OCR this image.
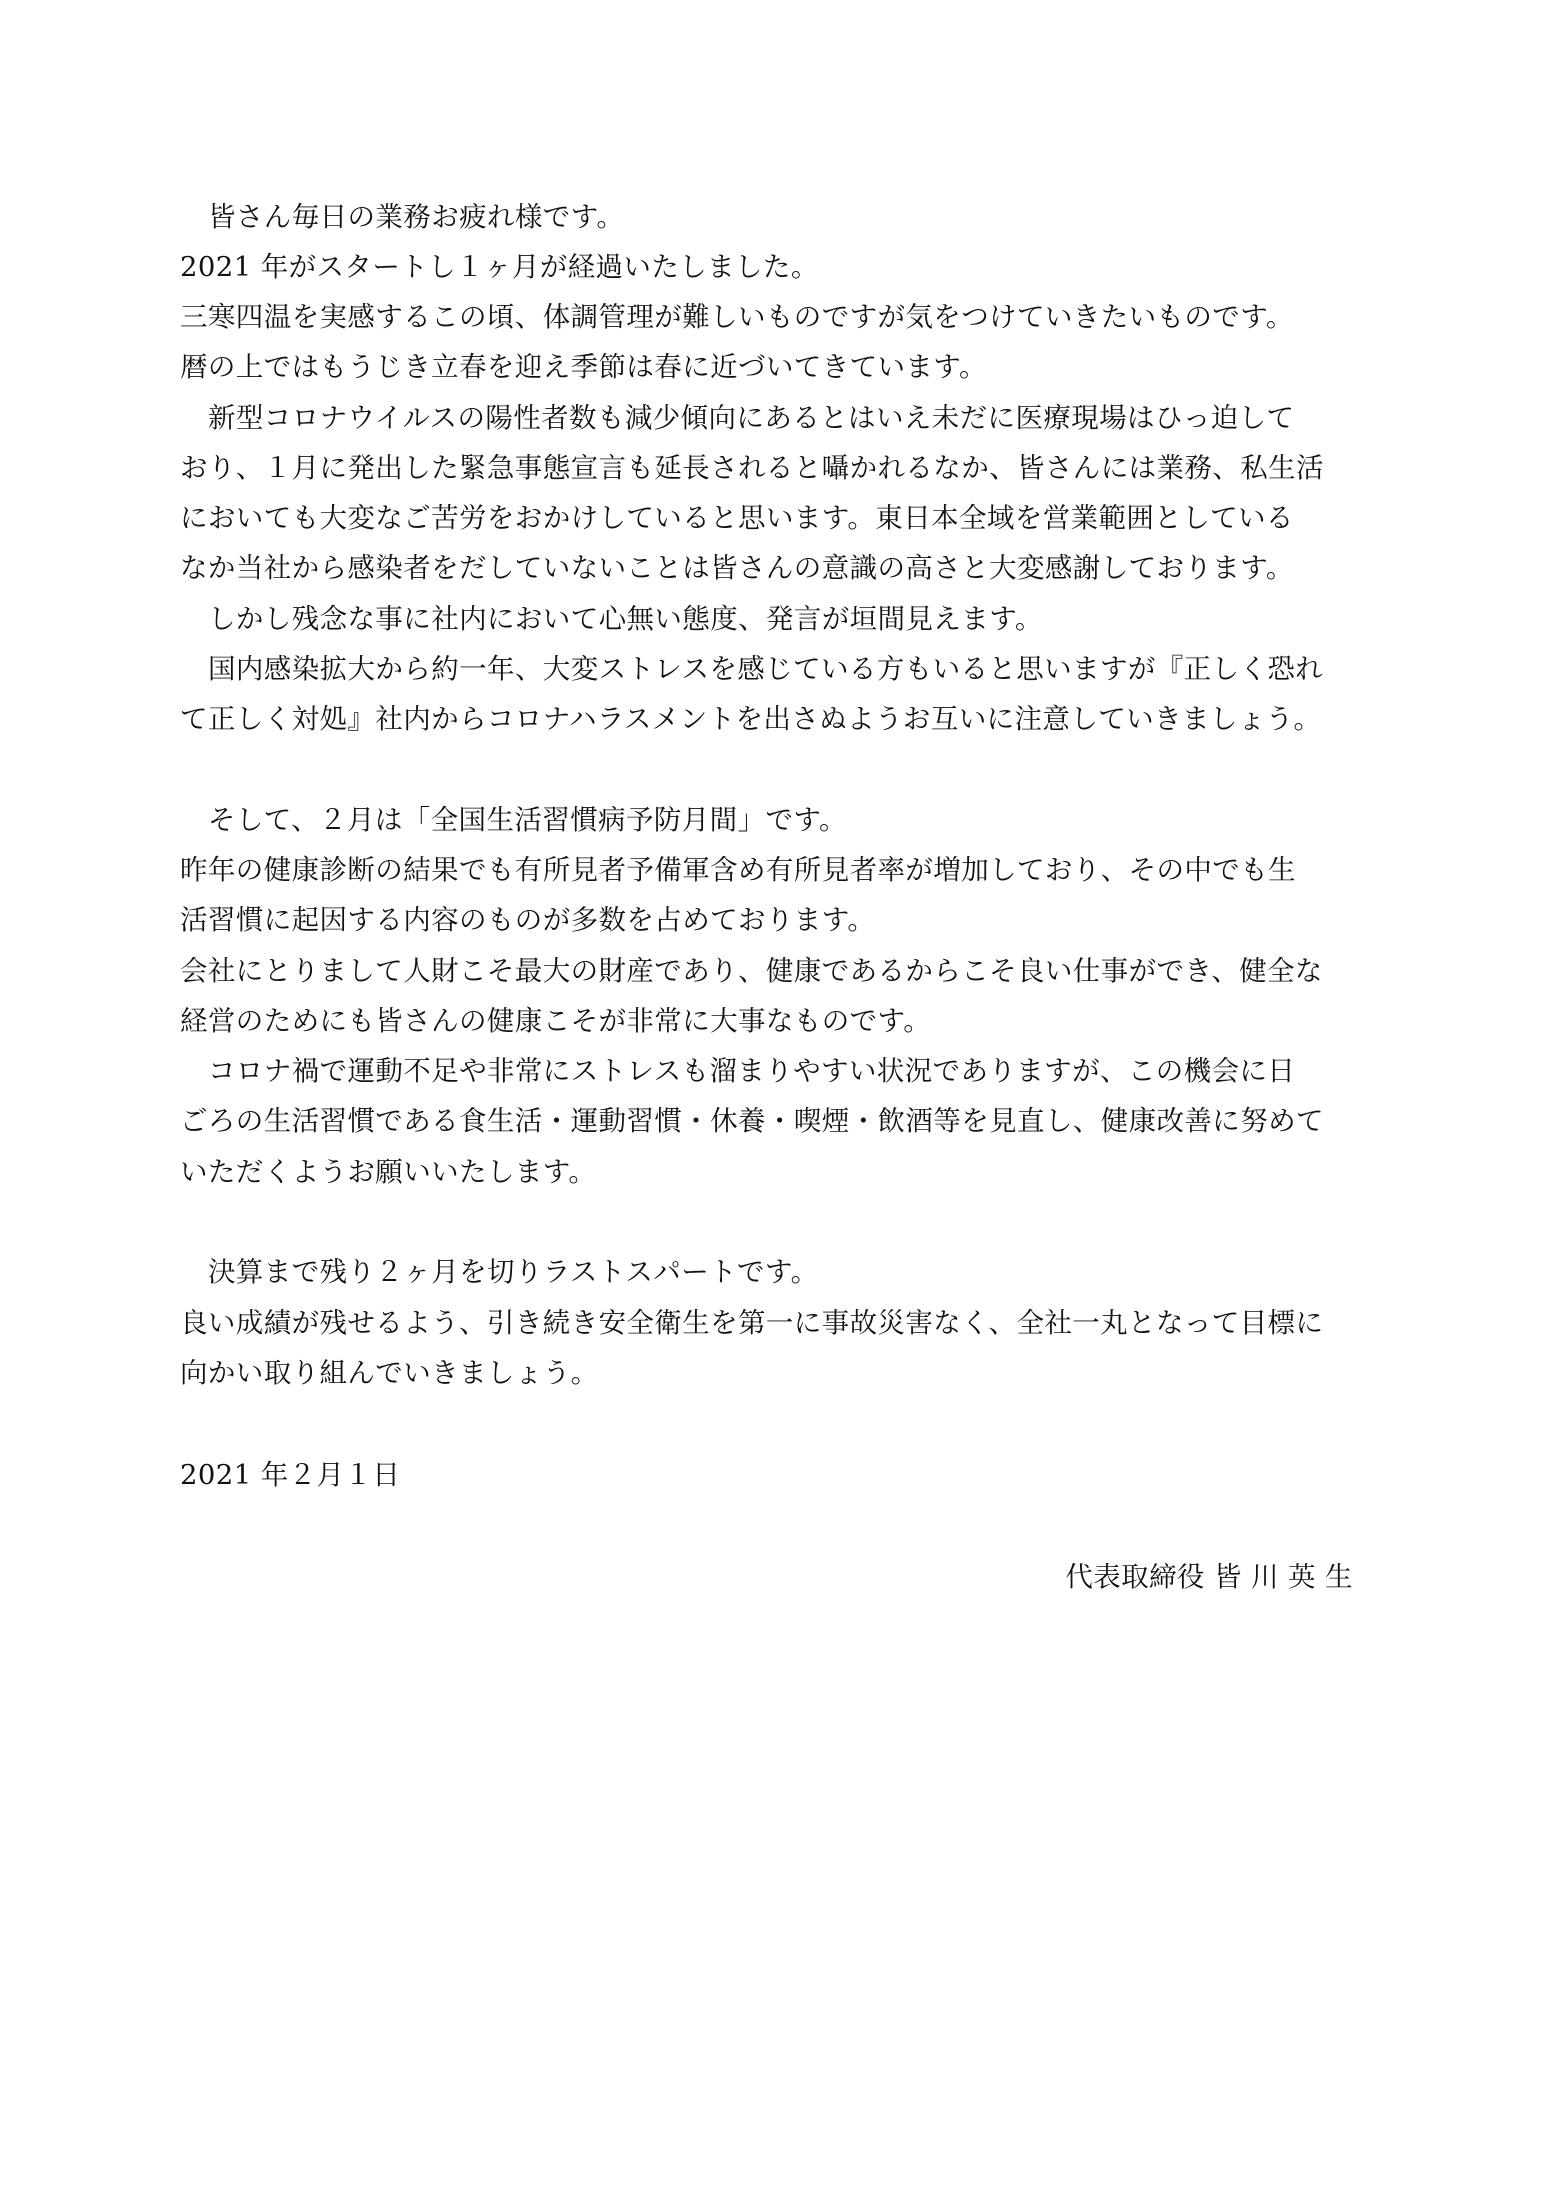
皆さん毎日の業務お疲れ様です。
2021 年がスタートし１ヶ月が経過いたしました。
三寒四温を実感するこの頃、体調管理が難しいものですが気をつけていきたいものです。
暦の上ではもうじき立春を迎え季節は春に近づいてきています。
新型コロナウイルスの陽性者数も減少傾向にあるとはいえ未だに医療現場はひっ迫して
おり、１月に発出した緊急事態宣言も延長されると囁かれるなか、皆さんには業務、私生活
においても大変なご苦労をおかけしていると思います。東日本全域を営業範囲としている
なか当社から感染者をだしていないことは皆さんの意識の高さと大変感謝しております。
しかし残念な事に社内において心無い態度、発言が垣間見えます。
国内感染拡大から約一年、大変ストレスを感じている方もいると思いますが『正しく恐れ
て正しく対処』社内からコロナハラスメントを出さぬようお互いに注意していきましょう。
そして、２月は「全国生活習慣病予防月間」です。
昨年の健康診断の結果でも有所見者予備軍含め有所見者率が増加しており、その中でも生
活習慣に起因する内容のものが多数を占めております。
会社にとりまして人財こそ最大の財産であり、健康であるからこそ良い仕事ができ、健全な
経営のためにも皆さんの健康こそが非常に大事なものです。
コロナ禍で運動不足や非常にストレスも溜まりやすい状況でありますが、この機会に日
ごろの生活習慣である食生活・運動習慣・休養・喫煙・飲酒等を見直し、健康改善に努めて
いただくようお願いいたします。
決算まで残り２ヶ月を切りラストスパートです。
良い成績が残せるよう、引き続き安全衛生を第一に事故災害なく、全社一丸となって目標に
向かい取り組んでいきましょう。
2021 年２月１日
代表取締役 皆 川 英 生
